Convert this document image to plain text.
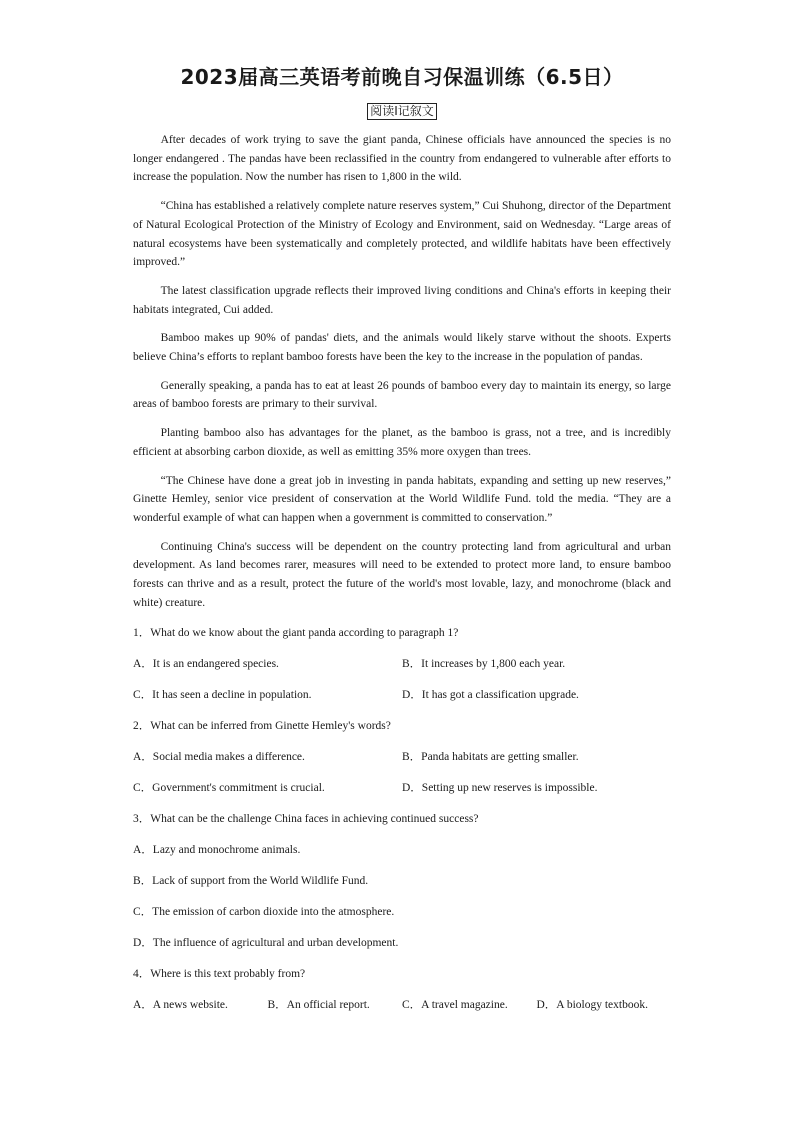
2023届高三英语考前晚自习保温训练（6.5日）
阅读Ⅰ记叙文

After decades of work trying to save the giant panda, Chinese officials have announced the species is no longer endangered . The pandas have been reclassified in the country from endangered to vulnerable after efforts to increase the population. Now the number has risen to 1,800 in the wild.

“China has established a relatively complete nature reserves system,” Cui Shuhong, director of the Department of Natural Ecological Protection of the Ministry of Ecology and Environment, said on Wednesday. “Large areas of natural ecosystems have been systematically and completely protected, and wildlife habitats have been effectively improved.”

The latest classification upgrade reflects their improved living conditions and China's efforts in keeping their habitats integrated, Cui added.

Bamboo makes up 90% of pandas' diets, and the animals would likely starve without the shoots. Experts believe China’s efforts to replant bamboo forests have been the key to the increase in the population of pandas.

Generally speaking, a panda has to eat at least 26 pounds of bamboo every day to maintain its energy, so large areas of bamboo forests are primary to their survival.

Planting bamboo also has advantages for the planet, as the bamboo is grass, not a tree, and is incredibly efficient at absorbing carbon dioxide, as well as emitting 35% more oxygen than trees.

“The Chinese have done a great job in investing in panda habitats, expanding and setting up new reserves,” Ginette Hemley, senior vice president of conservation at the World Wildlife Fund. told the media. “They are a wonderful example of what can happen when a government is committed to conservation.”

Continuing China's success will be dependent on the country protecting land from agricultural and urban development. As land becomes rarer, measures will need to be extended to protect more land, to ensure bamboo forests can thrive and as a result, protect the future of the world's most lovable, lazy, and monochrome (black and white) creature.

1．What do we know about the giant panda according to paragraph 1?
A．It is an endangered species.	B．It increases by 1,800 each year.
C．It has seen a decline in population.	D．It has got a classification upgrade.
2．What can be inferred from Ginette Hemley's words?
A．Social media makes a difference.	B．Panda habitats are getting smaller.
C．Government's commitment is crucial.	D．Setting up new reserves is impossible.
3．What can be the challenge China faces in achieving continued success?
A．Lazy and monochrome animals.
B．Lack of support from the World Wildlife Fund.
C．The emission of carbon dioxide into the atmosphere.
D．The influence of agricultural and urban development.
4．Where is this text probably from?
A．A news website.	B．An official report.	C．A travel magazine.	D．A biology textbook.
